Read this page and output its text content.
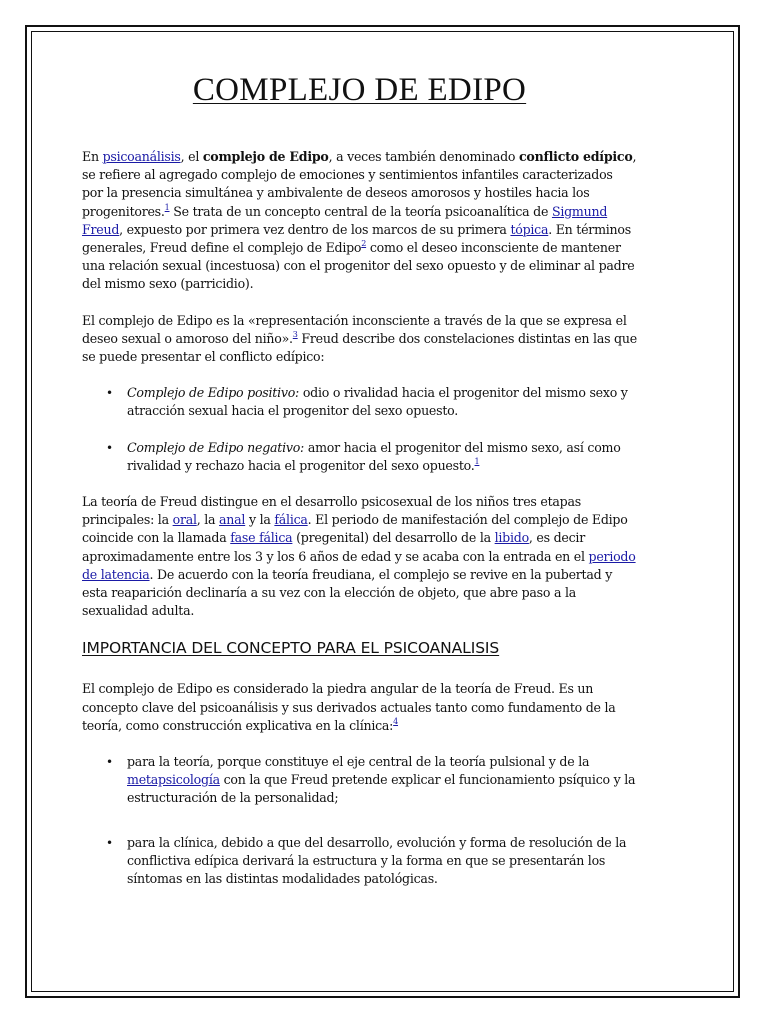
COMPLEJO DE EDIPO

En psicoanálisis, el complejo de Edipo, a veces también denominado conflicto edípico, se refiere al agregado complejo de emociones y sentimientos infantiles caracterizados por la presencia simultánea y ambivalente de deseos amorosos y hostiles hacia los progenitores.$^1$ Se trata de un concepto central de la teoría psicoanalítica de Sigmund Freud, expuesto por primera vez dentro de los marcos de su primera tópica. En términos generales, Freud define el complejo de Edipo$^2$ como el deseo inconsciente de mantener una relación sexual (incestuosa) con el progenitor del sexo opuesto y de eliminar al padre del mismo sexo (parricidio).

El complejo de Edipo es la «representación inconsciente a través de la que se expresa el deseo sexual o amoroso del niño».$^3$ Freud describe dos constelaciones distintas en las que se puede presentar el conflicto edípico:

• Complejo de Edipo positivo: odio o rivalidad hacia el progenitor del mismo sexo y atracción sexual hacia el progenitor del sexo opuesto.
• Complejo de Edipo negativo: amor hacia el progenitor del mismo sexo, así como rivalidad y rechazo hacia el progenitor del sexo opuesto.$^1$

La teoría de Freud distingue en el desarrollo psicosexual de los niños tres etapas principales: la oral, la anal y la fálica. El periodo de manifestación del complejo de Edipo coincide con la llamada fase fálica (pregenital) del desarrollo de la libido, es decir aproximadamente entre los 3 y los 6 años de edad y se acaba con la entrada en el periodo de latencia. De acuerdo con la teoría freudiana, el complejo se revive en la pubertad y esta reaparición declinaría a su vez con la elección de objeto, que abre paso a la sexualidad adulta.

IMPORTANCIA DEL CONCEPTO PARA EL PSICOANALISIS

El complejo de Edipo es considerado la piedra angular de la teoría de Freud. Es un concepto clave del psicoanálisis y sus derivados actuales tanto como fundamento de la teoría, como construcción explicativa en la clínica:$^4$

• para la teoría, porque constituye el eje central de la teoría pulsional y de la metapsicología con la que Freud pretende explicar el funcionamiento psíquico y la estructuración de la personalidad;
• para la clínica, debido a que del desarrollo, evolución y forma de resolución de la conflictiva edípica derivará la estructura y la forma en que se presentarán los síntomas en las distintas modalidades patológicas.
